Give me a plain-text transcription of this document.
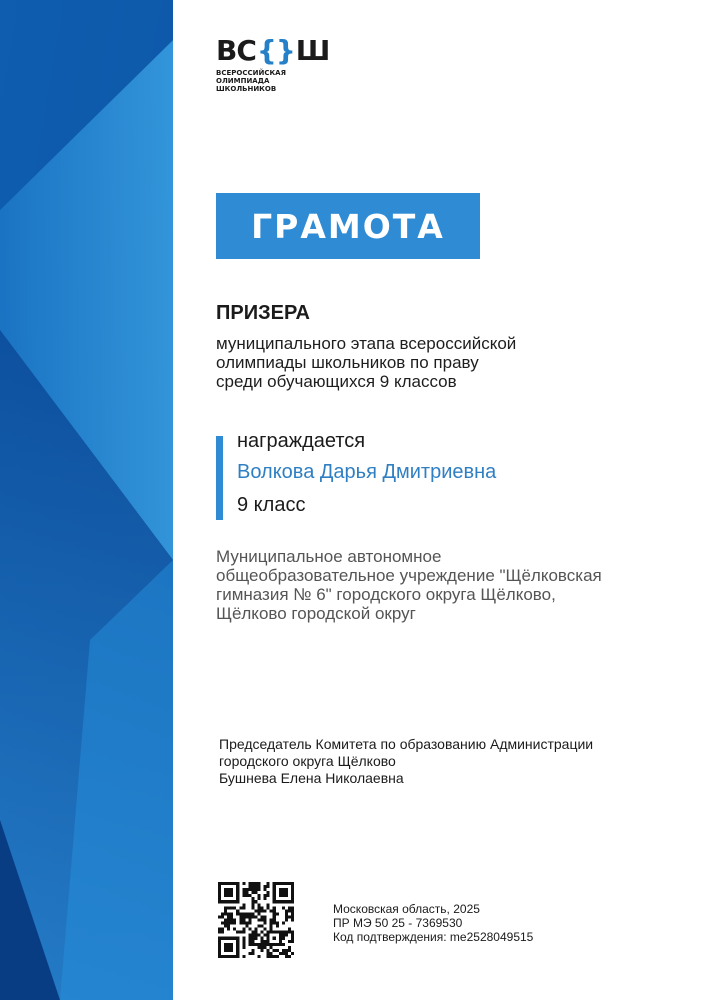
ВС {} Ш
ВСЕРОССИЙСКАЯ
ОЛИМПИАДА
ШКОЛЬНИКОВ
ГРАМОТА
ПРИЗЕРА
муниципального этапа всероссийской
олимпиады школьников по праву
среди обучающихся 9 классов
награждается
Волкова Дарья Дмитриевна
9 класс
Муниципальное автономное
общеобразовательное учреждение "Щёлковская
гимназия № 6" городского округа Щёлково,
Щёлково городской округ
Председатель Комитета по образованию Администрации
городского округа Щёлково
Бушнева Елена Николаевна
Московская область, 2025
ПР МЭ 50 25 - 7369530
Код подтверждения: me2528049515
